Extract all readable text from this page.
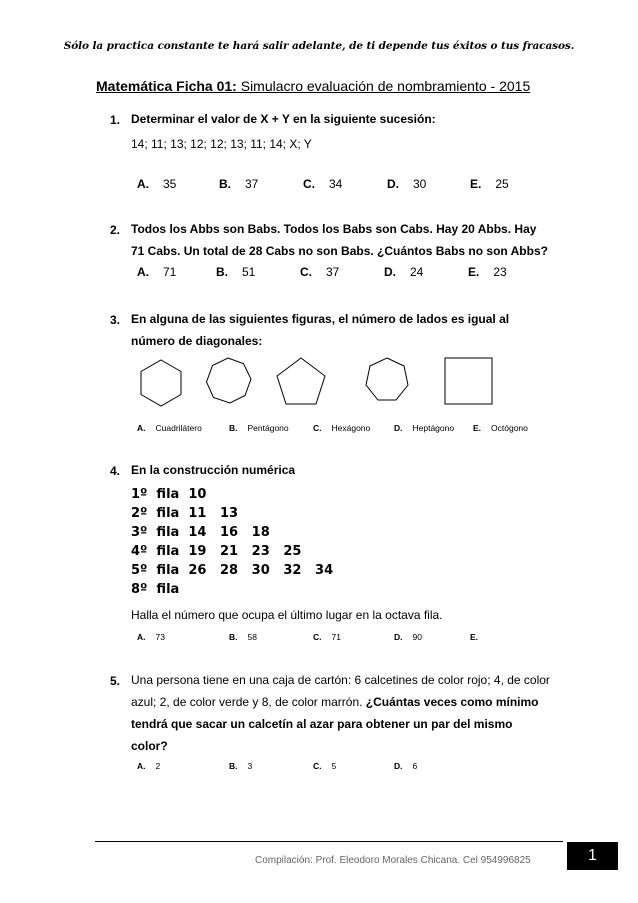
Sólo la practica constante te hará salir adelante, de ti depende tus éxitos o tus fracasos.
Matemática Ficha 01: Simulacro evaluación de nombramiento - 2015
1. Determinar el valor de X + Y en la siguiente sucesión:
14; 11; 13; 12; 12; 13; 11; 14; X; Y
A. 35	B. 37	C. 34	D. 30	E. 25
2. Todos los Abbs son Babs. Todos los Babs son Cabs. Hay 20 Abbs. Hay
71 Cabs. Un total de 28 Cabs no son Babs. ¿Cuántos Babs no son Abbs?
A. 71	B. 51	C. 37	D. 24	E. 23
3. En alguna de las siguientes figuras, el número de lados es igual al
número de diagonales:
A. Cuadrilátero	B. Pentágono	C. Hexágono	D. Heptágono E. Octógono
4. En la construcción numérica
1º  fila  10
2º  fila  11   13
3º  fila  14   16   18
4º  fila  19   21   23   25
5º  fila  26   28   30   32   34
8º  fila
Halla el número que ocupa el último lugar en la octava fila.
A. 73	B. 58	C. 71	D. 90	E.
5. Una persona tiene en una caja de cartón: 6 calcetines de color rojo; 4, de color
azul; 2, de color verde y 8, de color marrón. ¿Cuántas veces como mínimo
tendrá que sacar un calcetín al azar para obtener un par del mismo
color?
A. 2	B. 3	C. 5	D. 6
Compilación: Prof. Eleodoro Morales Chicana. Cel 954996825	1
